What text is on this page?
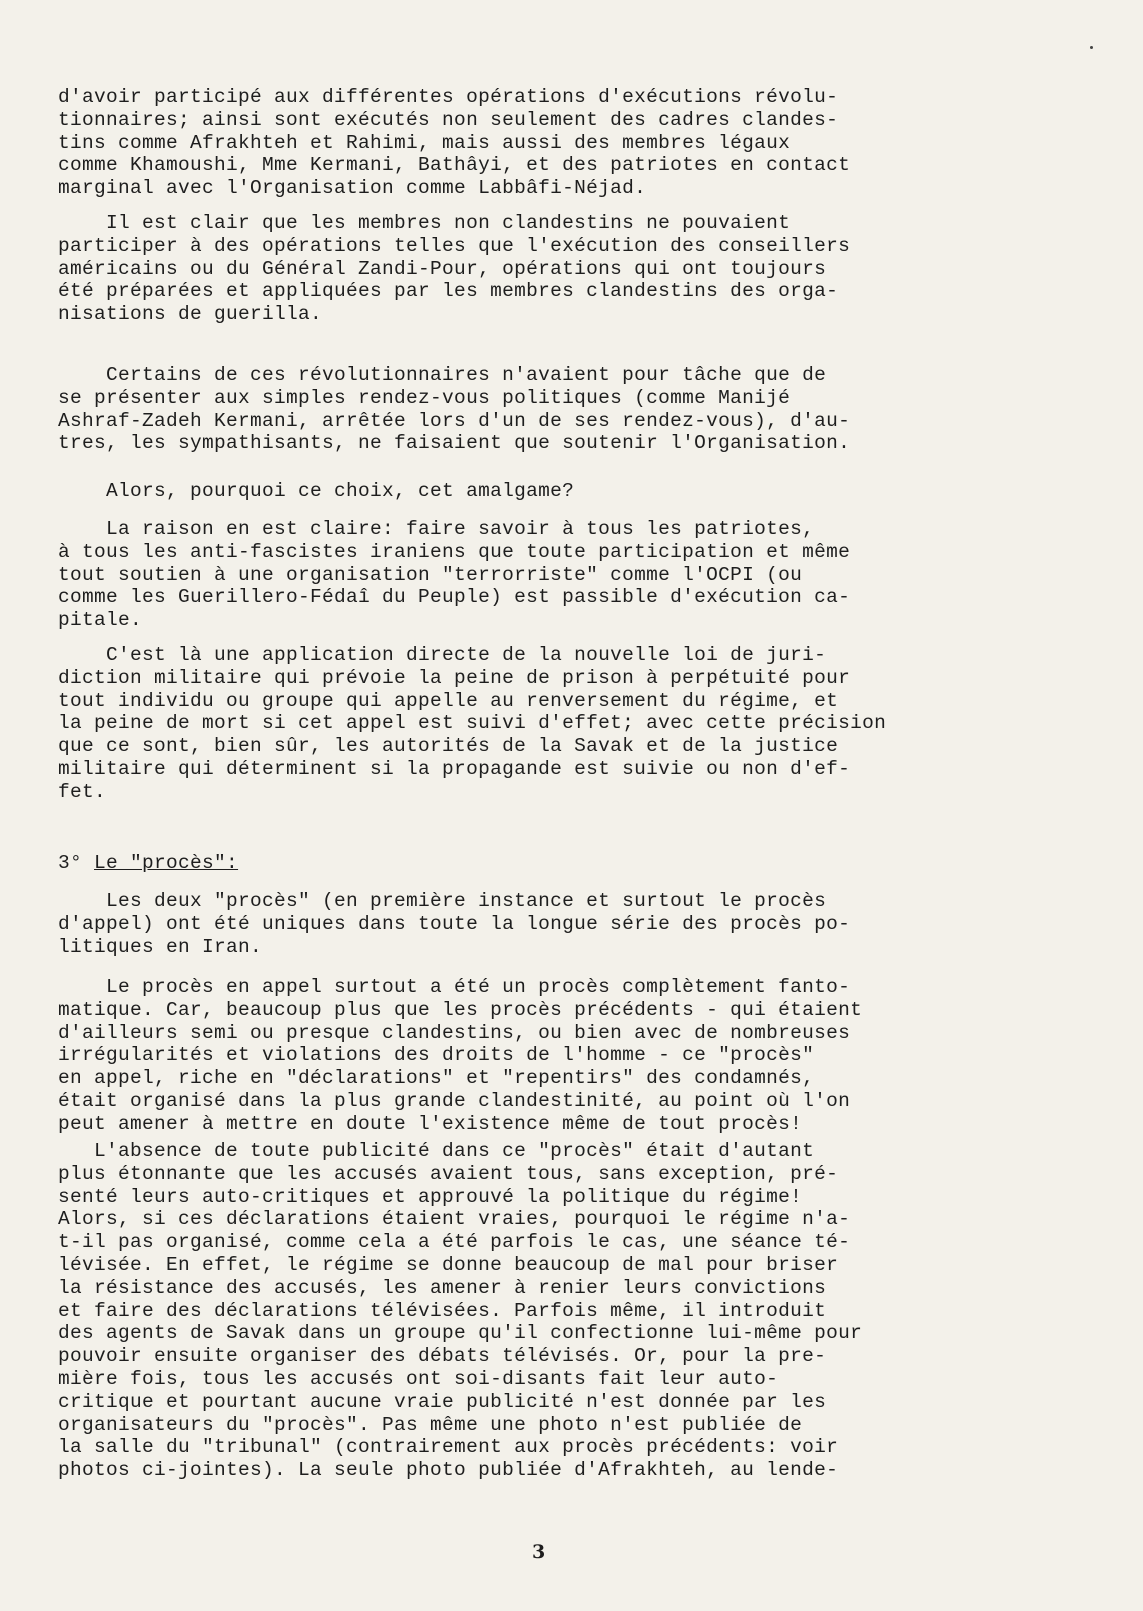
d'avoir participé aux différentes opérations d'exécutions révolu-
tionnaires; ainsi sont exécutés non seulement des cadres clandes-
tins comme Afrakhteh et Rahimi, mais aussi des membres légaux
comme Khamoushi, Mme Kermani, Bathâyi, et des patriotes en contact
marginal avec l'Organisation comme Labbâfi-Néjad.

Il est clair que les membres non clandestins ne pouvaient
participer à des opérations telles que l'exécution des conseillers
américains ou du Général Zandi-Pour, opérations qui ont toujours
été préparées et appliquées par les membres clandestins des orga-
nisations de guerilla.

Certains de ces révolutionnaires n'avaient pour tâche que de
se présenter aux simples rendez-vous politiques (comme Manijé
Ashraf-Zadeh Kermani, arrêtée lors d'un de ses rendez-vous), d'au-
tres, les sympathisants, ne faisaient que soutenir l'Organisation.

Alors, pourquoi ce choix, cet amalgame?

La raison en est claire: faire savoir à tous les patriotes,
à tous les anti-fascistes iraniens que toute participation et même
tout soutien à une organisation "terrorriste" comme l'OCPI (ou
comme les Guerillero-Fédaî du Peuple) est passible d'exécution ca-
pitale.

C'est là une application directe de la nouvelle loi de juri-
diction militaire qui prévoie la peine de prison à perpétuité pour
tout individu ou groupe qui appelle au renversement du régime, et
la peine de mort si cet appel est suivi d'effet; avec cette précision
que ce sont, bien sûr, les autorités de la Savak et de la justice
militaire qui déterminent si la propagande est suivie ou non d'ef-
fet.

3° Le "procès":

Les deux "procès" (en première instance et surtout le procès
d'appel) ont été uniques dans toute la longue série des procès po-
litiques en Iran.

Le procès en appel surtout a été un procès complètement fanto-
matique. Car, beaucoup plus que les procès précédents - qui étaient
d'ailleurs semi ou presque clandestins, ou bien avec de nombreuses
irrégularités et violations des droits de l'homme - ce "procès"
en appel, riche en "déclarations" et "repentirs" des condamnés,
était organisé dans la plus grande clandestinité, au point où l'on
peut amener à mettre en doute l'existence même de tout procès!

L'absence de toute publicité dans ce "procès" était d'autant
plus étonnante que les accusés avaient tous, sans exception, pré-
senté leurs auto-critiques et approuvé la politique du régime!
Alors, si ces déclarations étaient vraies, pourquoi le régime n'a-
t-il pas organisé, comme cela a été parfois le cas, une séance té-
lévisée. En effet, le régime se donne beaucoup de mal pour briser
la résistance des accusés, les amener à renier leurs convictions
et faire des déclarations télévisées. Parfois même, il introduit
des agents de Savak dans un groupe qu'il confectionne lui-même pour
pouvoir ensuite organiser des débats télévisés. Or, pour la pre-
mière fois, tous les accusés ont soi-disants fait leur auto-
critique et pourtant aucune vraie publicité n'est donnée par les
organisateurs du "procès". Pas même une photo n'est publiée de
la salle du "tribunal" (contrairement aux procès précédents: voir
photos ci-jointes). La seule photo publiée d'Afrakhteh, au lende-

3
